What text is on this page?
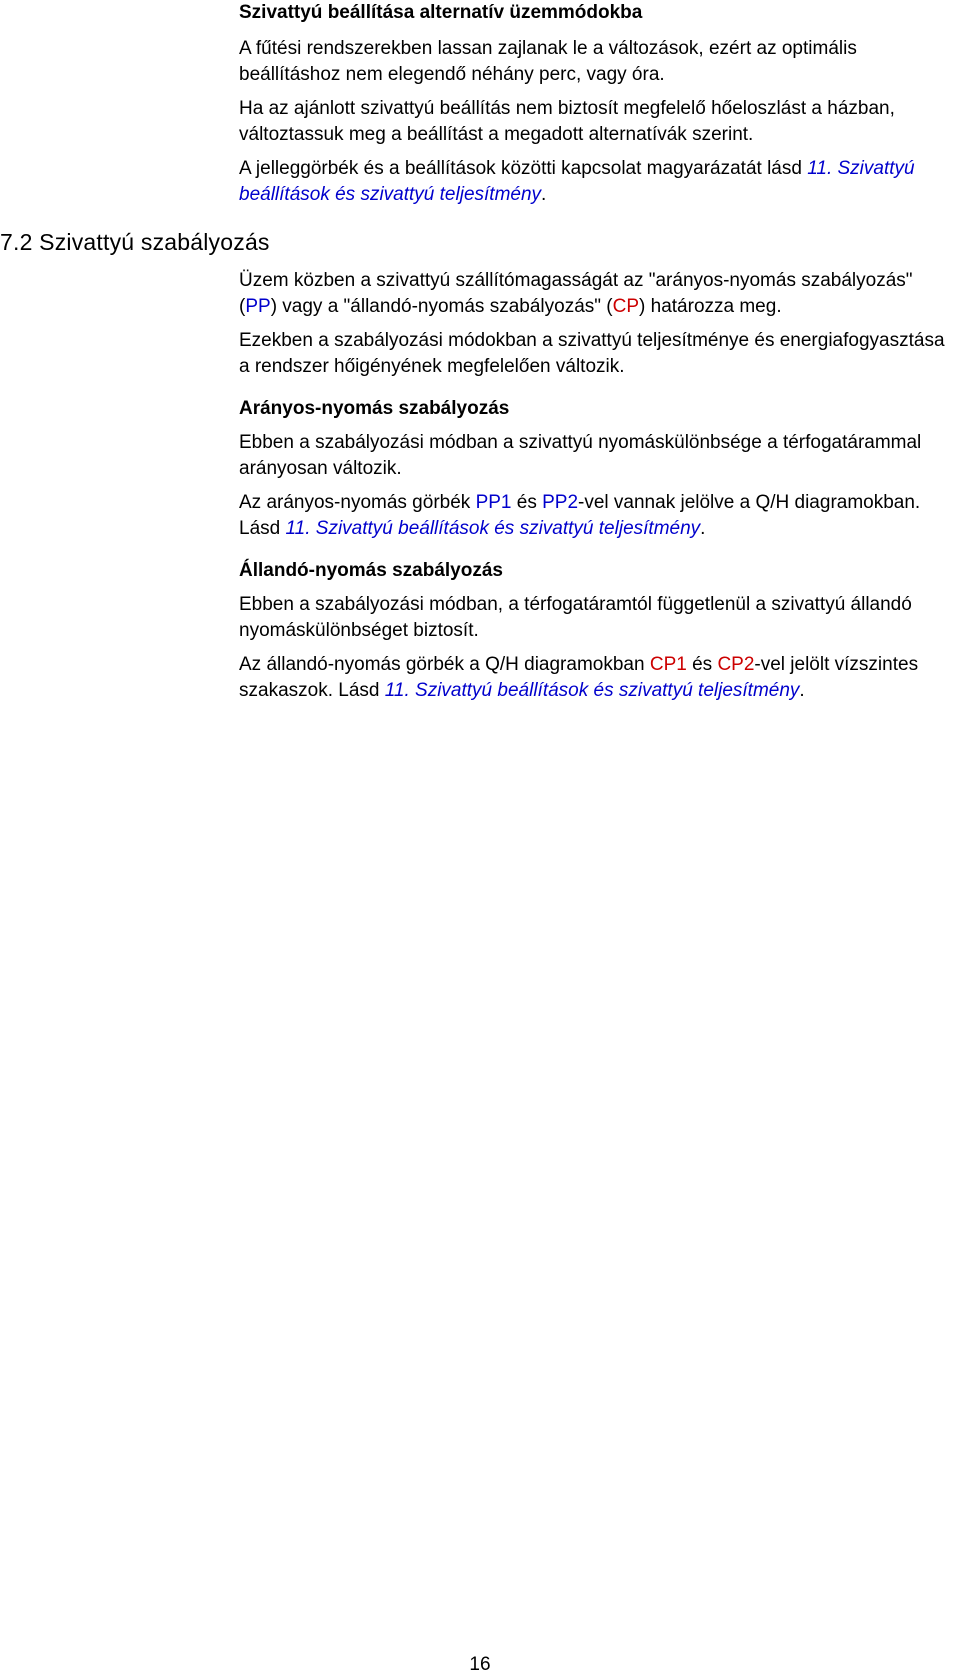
7.2 Szivattyú szabályozás
Szivattyú beállítása alternatív üzemmódokba

A fűtési rendszerekben lassan zajlanak le a változások, ezért az optimális beállításhoz nem elegendő néhány perc, vagy óra.

Ha az ajánlott szivattyú beállítás nem biztosít megfelelő hőeloszlást a házban, változtassuk meg a beállítást a megadott alternatívák szerint.

A jelleggörbék és a beállítások közötti kapcsolat magyarázatát lásd 11. Szivattyú beállítások és szivattyú teljesítmény.

Üzem közben a szivattyú szállítómagasságát az "arányos-nyomás szabályozás" (PP) vagy a "állandó-nyomás szabályozás" (CP) határozza meg.

Ezekben a szabályozási módokban a szivattyú teljesítménye és energiafogyasztása a rendszer hőigényének megfelelően változik.

Arányos-nyomás szabályozás

Ebben a szabályozási módban a szivattyú nyomáskülönbsége a térfogatárammal arányosan változik.

Az arányos-nyomás görbék PP1 és PP2-vel vannak jelölve a Q/H diagramokban. Lásd 11. Szivattyú beállítások és szivattyú teljesítmény.

Állandó-nyomás szabályozás

Ebben a szabályozási módban, a térfogatáramtól függetlenül a szivattyú állandó nyomáskülönbséget biztosít.

Az állandó-nyomás görbék a Q/H diagramokban CP1 és CP2-vel jelölt vízszintes szakaszok. Lásd 11. Szivattyú beállítások és szivattyú teljesítmény.

16
